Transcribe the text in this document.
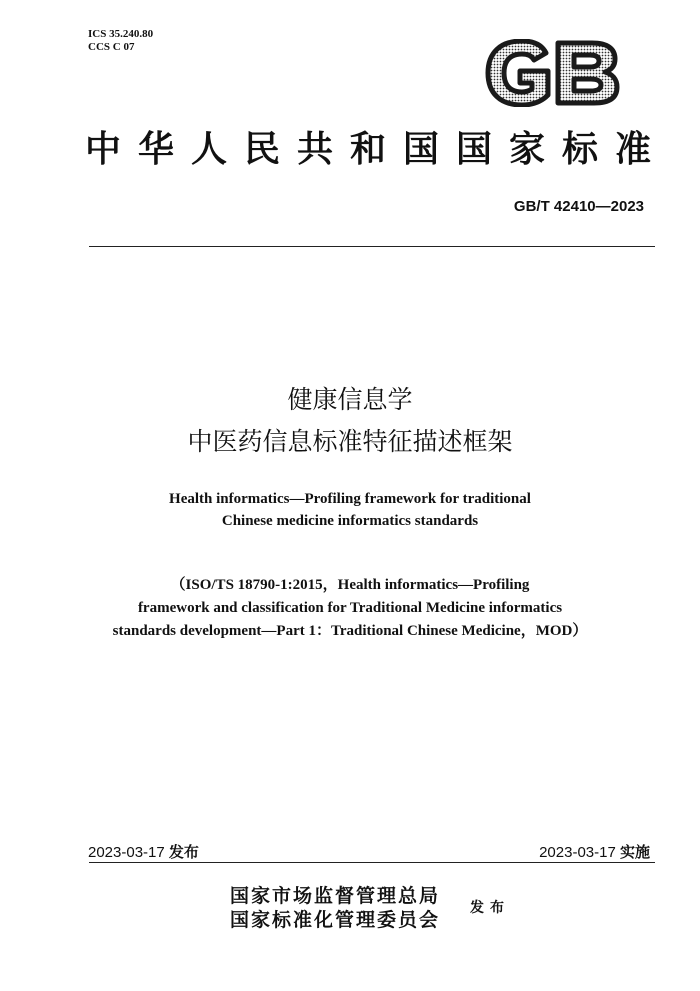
ICS 35.240.80
CCS C 07
GB
中华人民共和国国家标准
GB/T 42410—2023
健康信息学
中医药信息标准特征描述框架
Health informatics—Profiling framework for traditional
Chinese medicine informatics standards
（ISO/TS 18790-1:2015，Health informatics—Profiling
framework and classification for Traditional Medicine informatics
standards development—Part 1：Traditional Chinese Medicine，MOD）
2023-03-17 发布	2023-03-17 实施
国家市场监督管理总局
国家标准化管理委员会
发布
